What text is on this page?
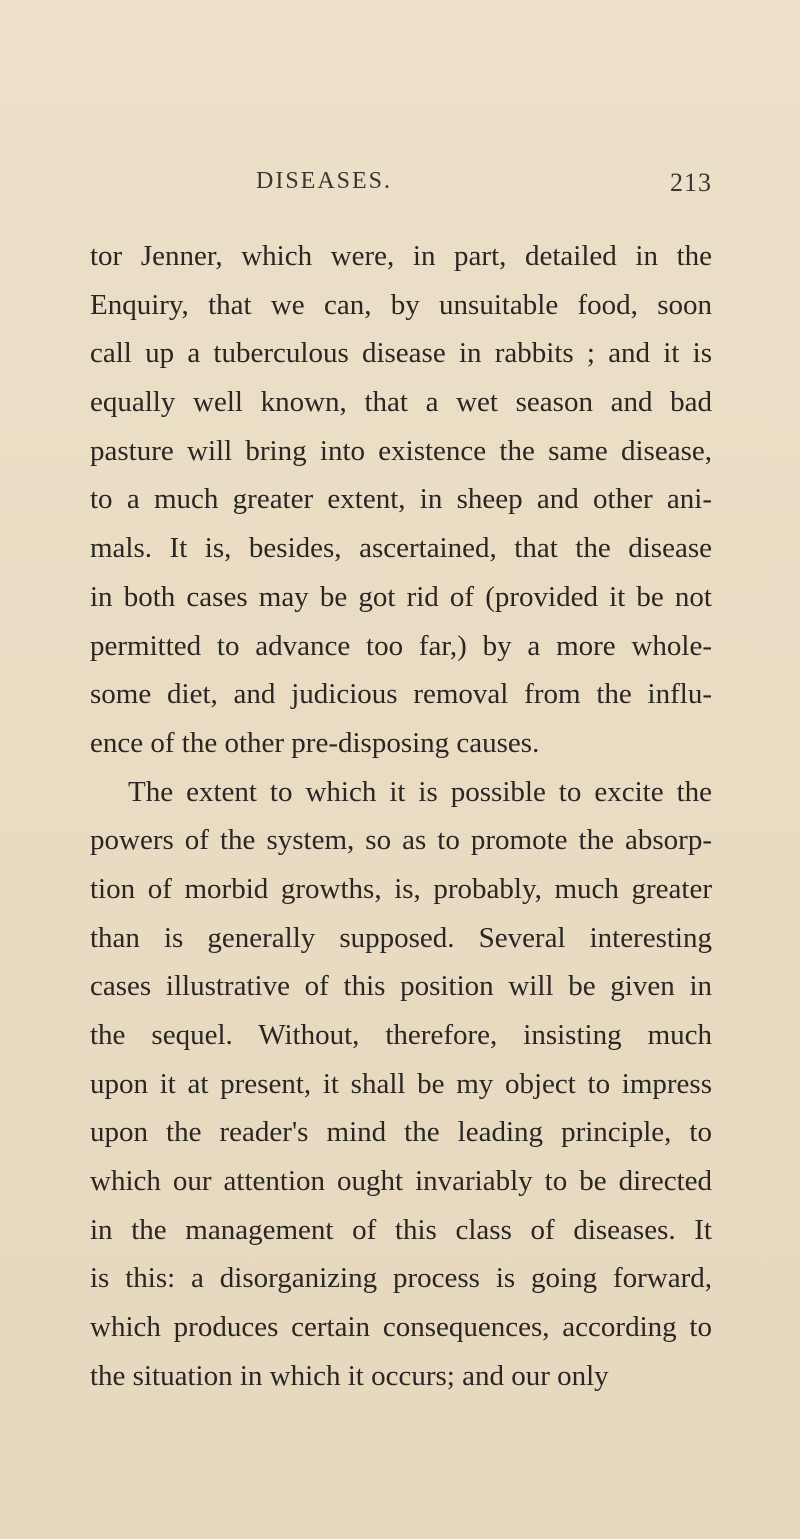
DISEASES.	213
tor Jenner, which were, in part, detailed in the
Enquiry, that we can, by unsuitable food, soon
call up a tuberculous disease in rabbits ; and it is
equally well known, that a wet season and bad
pasture will bring into existence the same disease,
to a much greater extent, in sheep and other ani-
mals. It is, besides, ascertained, that the disease
in both cases may be got rid of (provided it be not
permitted to advance too far,) by a more whole-
some diet, and judicious removal from the influ-
ence of the other pre-disposing causes.
The extent to which it is possible to excite the
powers of the system, so as to promote the absorp-
tion of morbid growths, is, probably, much greater
than is generally supposed. Several interesting
cases illustrative of this position will be given in
the sequel. Without, therefore, insisting much
upon it at present, it shall be my object to impress
upon the reader's mind the leading principle, to
which our attention ought invariably to be directed
in the management of this class of diseases. It
is this: a disorganizing process is going forward,
which produces certain consequences, according to
the situation in which it occurs; and our only
